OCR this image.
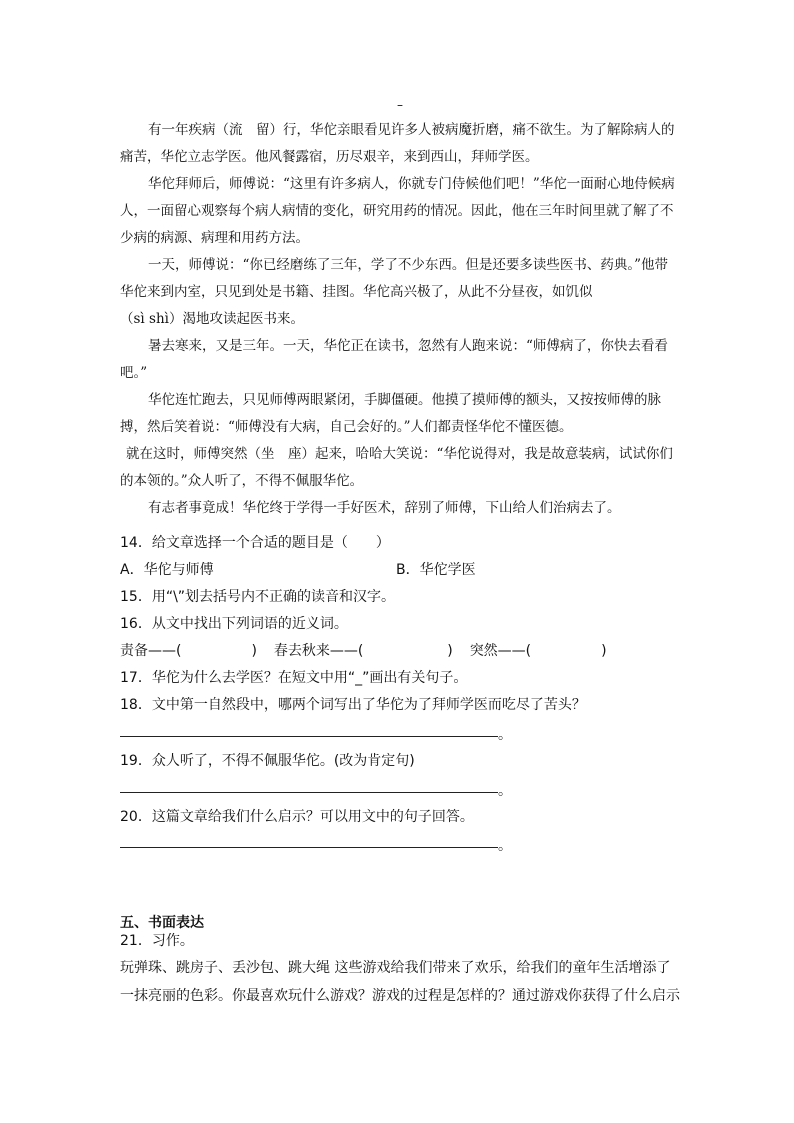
–

有一年疾病（流　留）行，华佗亲眼看见许多人被病魔折磨，痛不欲生。为了解除病人的痛苦，华佗立志学医。他风餐露宿，历尽艰辛，来到西山，拜师学医。

华佗拜师后，师傅说：“这里有许多病人，你就专门侍候他们吧！”华佗一面耐心地侍候病人，一面留心观察每个病人病情的变化，研究用药的情况。因此，他在三年时间里就了解了不少病的病源、病理和用药方法。

一天，师傅说：“你已经磨练了三年，学了不少东西。但是还要多读些医书、药典。”他带华佗来到内室，只见到处是书籍、挂图。华佗高兴极了，从此不分昼夜，如饥似

（sì shì）渴地攻读起医书来。

暑去寒来，又是三年。一天，华佗正在读书，忽然有人跑来说：“师傅病了，你快去看看吧。”

华佗连忙跑去，只见师傅两眼紧闭，手脚僵硬。他摸了摸师傅的额头，又按按师傅的脉搏，然后笑着说：“师傅没有大病，自己会好的。”人们都责怪华佗不懂医德。

就在这时，师傅突然（坐　座）起来，哈哈大笑说：“华佗说得对，我是故意装病，试试你们的本领的。”众人听了，不得不佩服华佗。

有志者事竟成！华佗终于学得一手好医术，辞别了师傅，下山给人们治病去了。

14．给文章选择一个合适的题目是（　　）
A．华佗与师傅	B．华佗学医
15．用“\”划去括号内不正确的读音和汉字。
16．从文中找出下列词语的近义词。
责备——(　　　　　) 春去秋来——(　　　　　　) 突然——(　　　　　)
17．华佗为什么去学医？在短文中用“_”画出有关句子。
18．文中第一自然段中，哪两个词写出了华佗为了拜师学医而吃尽了苦头？
。
19．众人听了，不得不佩服华佗。(改为肯定句)
。
20．这篇文章给我们什么启示？可以用文中的句子回答。
。
五、书面表达
21．习作。
玩弹珠、跳房子、丢沙包、跳大绳 这些游戏给我们带来了欢乐，给我们的童年生活增添了一抹亮丽的色彩。你最喜欢玩什么游戏？游戏的过程是怎样的？通过游戏你获得了什么启示
